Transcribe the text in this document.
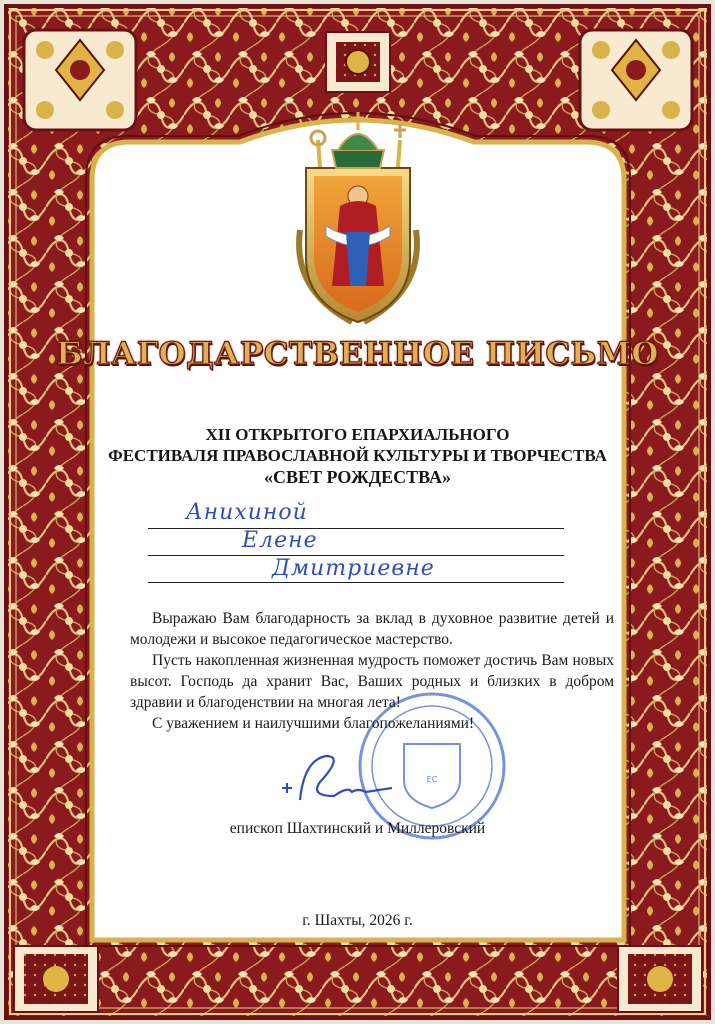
ЕС
БЛАГОДАРСТВЕННОЕ ПИСЬМО
XII ОТКРЫТОГО ЕПАРХИАЛЬНОГО
ФЕСТИВАЛЯ ПРАВОСЛАВНОЙ КУЛЬТУРЫ И ТВОРЧЕСТВА
«СВЕТ РОЖДЕСТВА»
Анихиной
Елене
Дмитриевне

Выражаю Вам благодарность за вклад в духовное развитие детей и молодежи и высокое педагогическое мастерство.

Пусть накопленная жизненная мудрость поможет достичь Вам новых высот. Господь да хранит Вас, Ваших родных и близких в добром здравии и благоденствии на многая лета!

С уважением и наилучшими благопожеланиями!

епископ Шахтинский и Миллеровский
г. Шахты, 2026 г.
